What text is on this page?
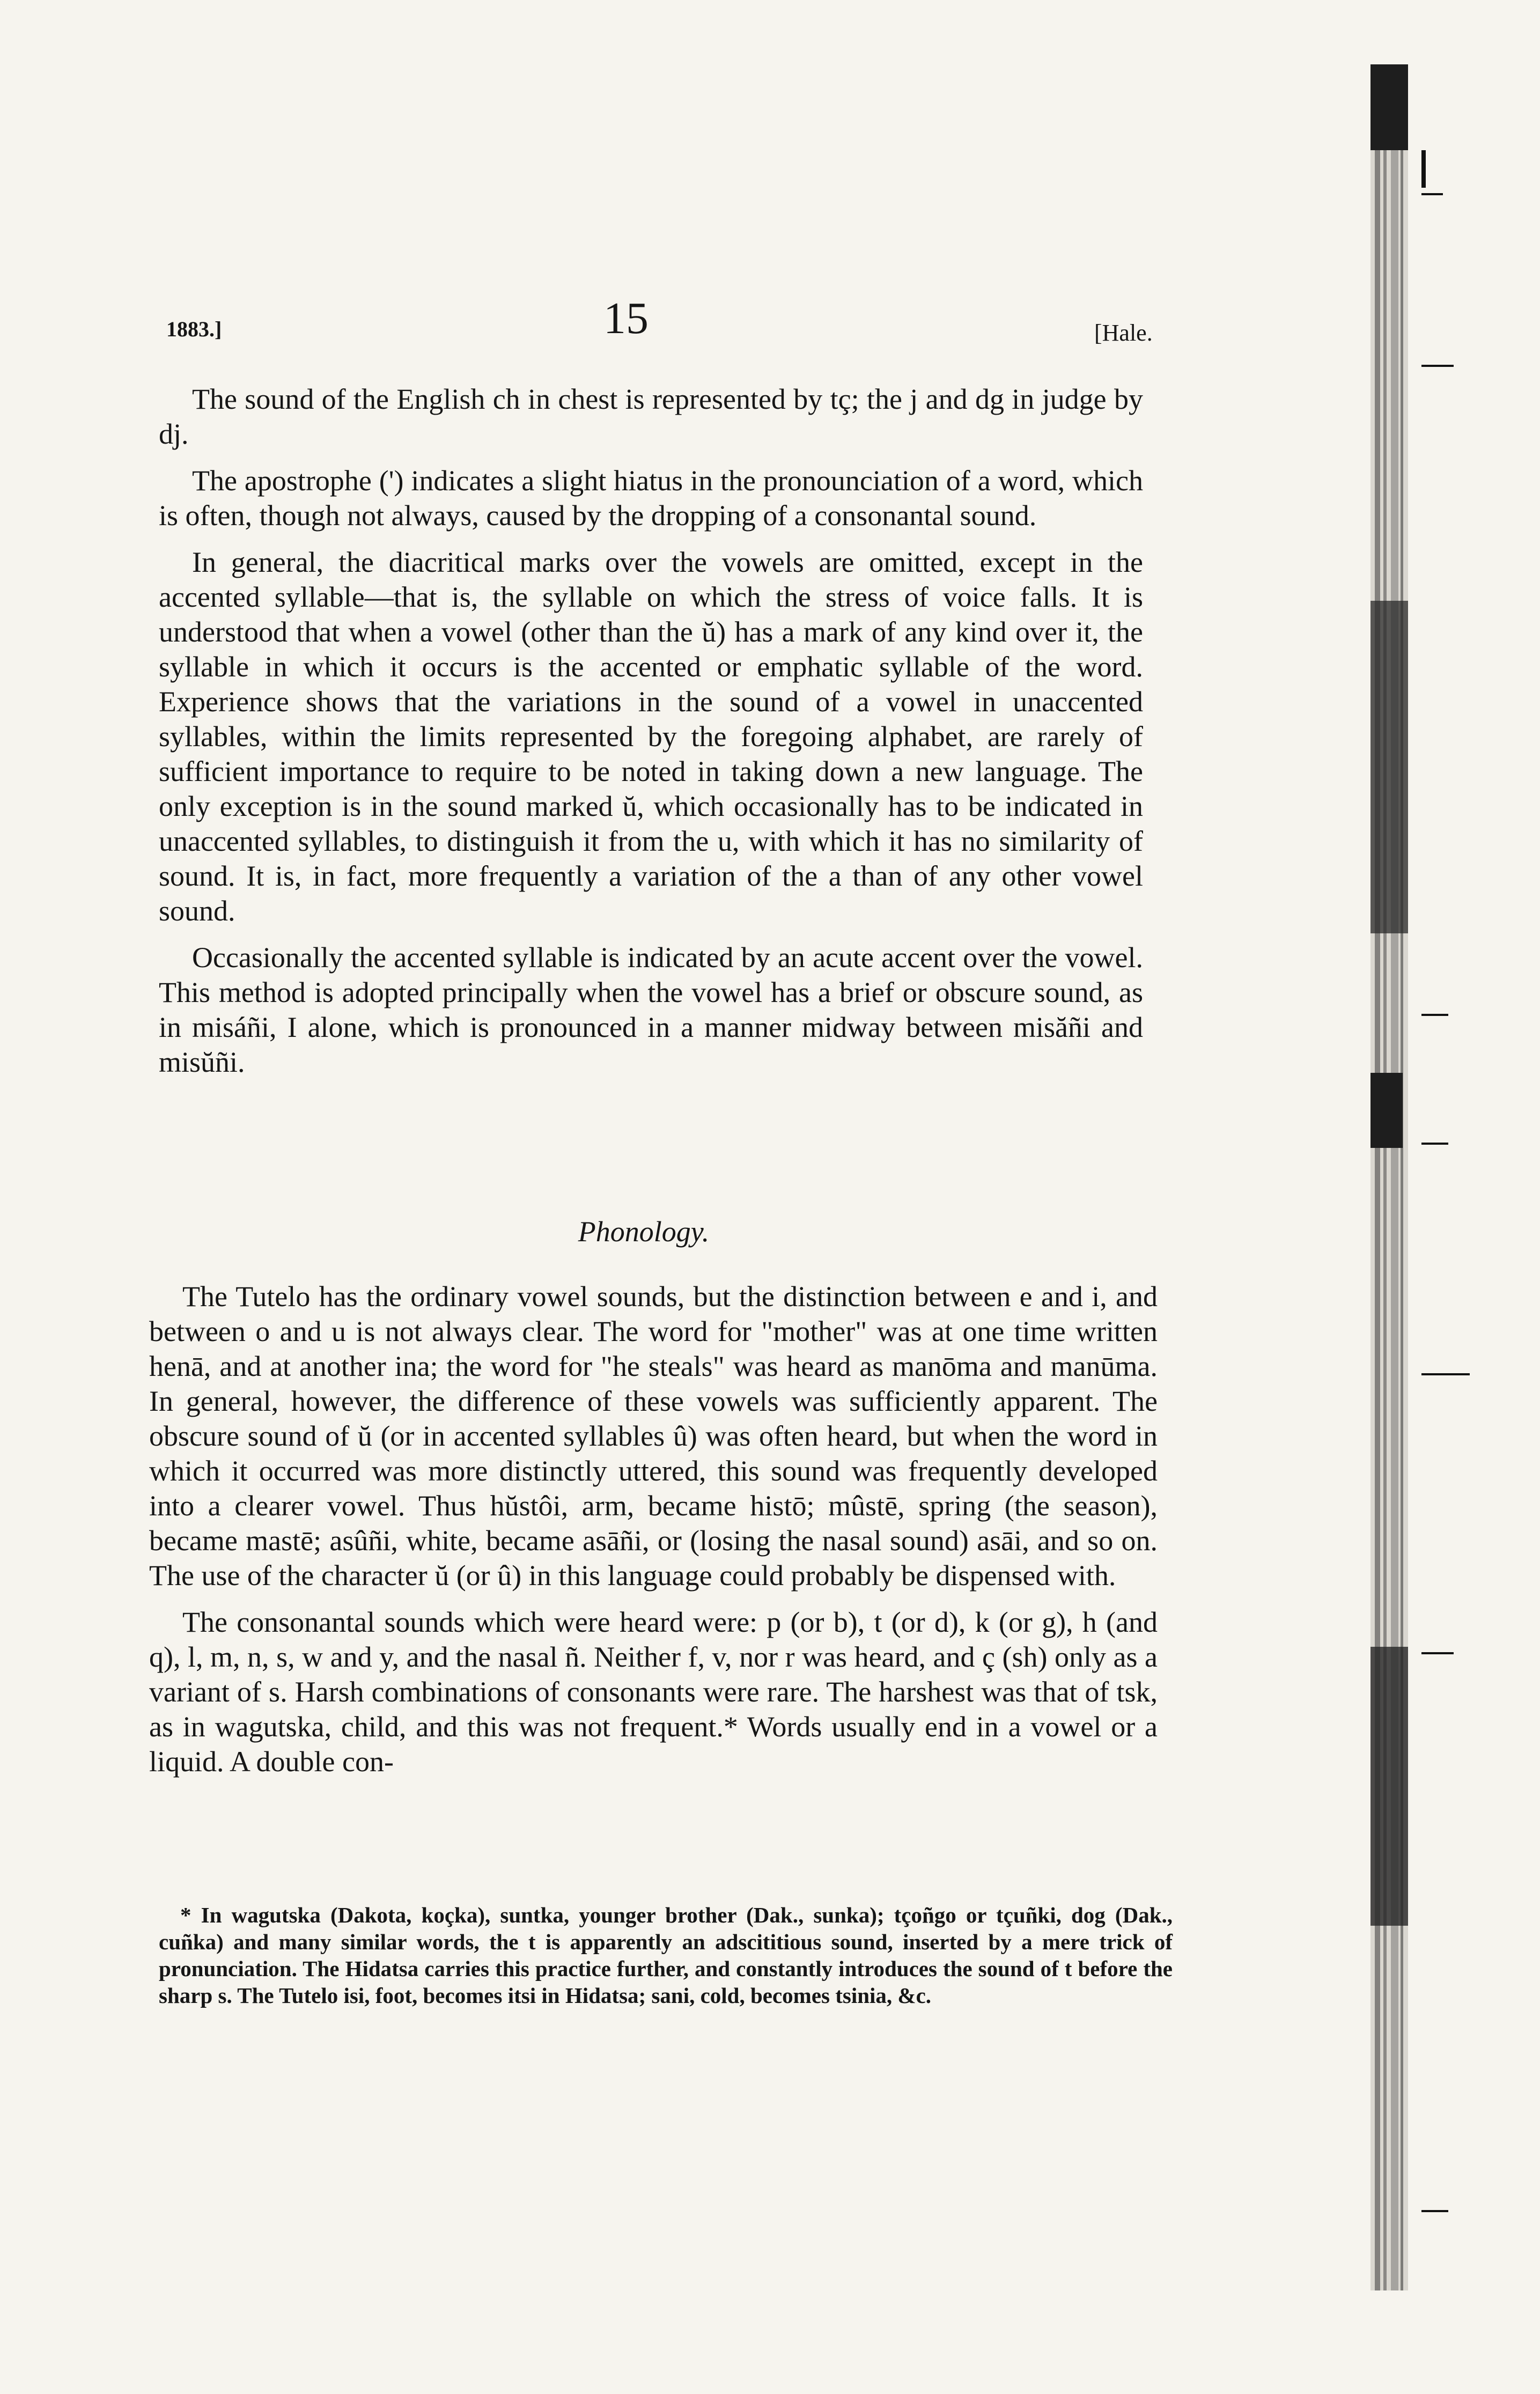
1883.]	15	[Hale.

The sound of the English ch in chest is represented by tç; the j and dg in judge by dj.

The apostrophe (') indicates a slight hiatus in the pronounciation of a word, which is often, though not always, caused by the dropping of a consonantal sound.

In general, the diacritical marks over the vowels are omitted, except in the accented syllable—that is, the syllable on which the stress of voice falls. It is understood that when a vowel (other than the ŭ) has a mark of any kind over it, the syllable in which it occurs is the accented or emphatic syllable of the word. Experience shows that the variations in the sound of a vowel in unaccented syllables, within the limits represented by the foregoing alphabet, are rarely of sufficient importance to require to be noted in taking down a new language. The only exception is in the sound marked ŭ, which occasionally has to be indicated in unaccented syllables, to distinguish it from the u, with which it has no similarity of sound. It is, in fact, more frequently a variation of the a than of any other vowel sound.

Occasionally the accented syllable is indicated by an acute accent over the vowel. This method is adopted principally when the vowel has a brief or obscure sound, as in misáñi, I alone, which is pronounced in a manner midway between misăñi and misŭñi.

Phonology.

The Tutelo has the ordinary vowel sounds, but the distinction between e and i, and between o and u is not always clear. The word for "mother" was at one time written henā, and at another ina; the word for "he steals" was heard as manōma and manūma. In general, however, the difference of these vowels was sufficiently apparent. The obscure sound of ŭ (or in accented syllables û) was often heard, but when the word in which it occurred was more distinctly uttered, this sound was frequently developed into a clearer vowel. Thus hŭstôi, arm, became histō; mûstē, spring (the season), became mastē; asûñi, white, became asāñi, or (losing the nasal sound) asāi, and so on. The use of the character ŭ (or û) in this language could probably be dispensed with.

The consonantal sounds which were heard were: p (or b), t (or d), k (or g), h (and q), l, m, n, s, w and y, and the nasal ñ. Neither f, v, nor r was heard, and ç (sh) only as a variant of s. Harsh combinations of consonants were rare. The harshest was that of tsk, as in wagutska, child, and this was not frequent.* Words usually end in a vowel or a liquid. A double con-

* In wagutska (Dakota, koçka), suntka, younger brother (Dak., sunka); tçoñgo or tçuñki, dog (Dak., cuñka) and many similar words, the t is apparently an adscititious sound, inserted by a mere trick of pronunciation. The Hidatsa carries this practice further, and constantly introduces the sound of t before the sharp s. The Tutelo isi, foot, becomes itsi in Hidatsa; sani, cold, becomes tsinia, &c.
